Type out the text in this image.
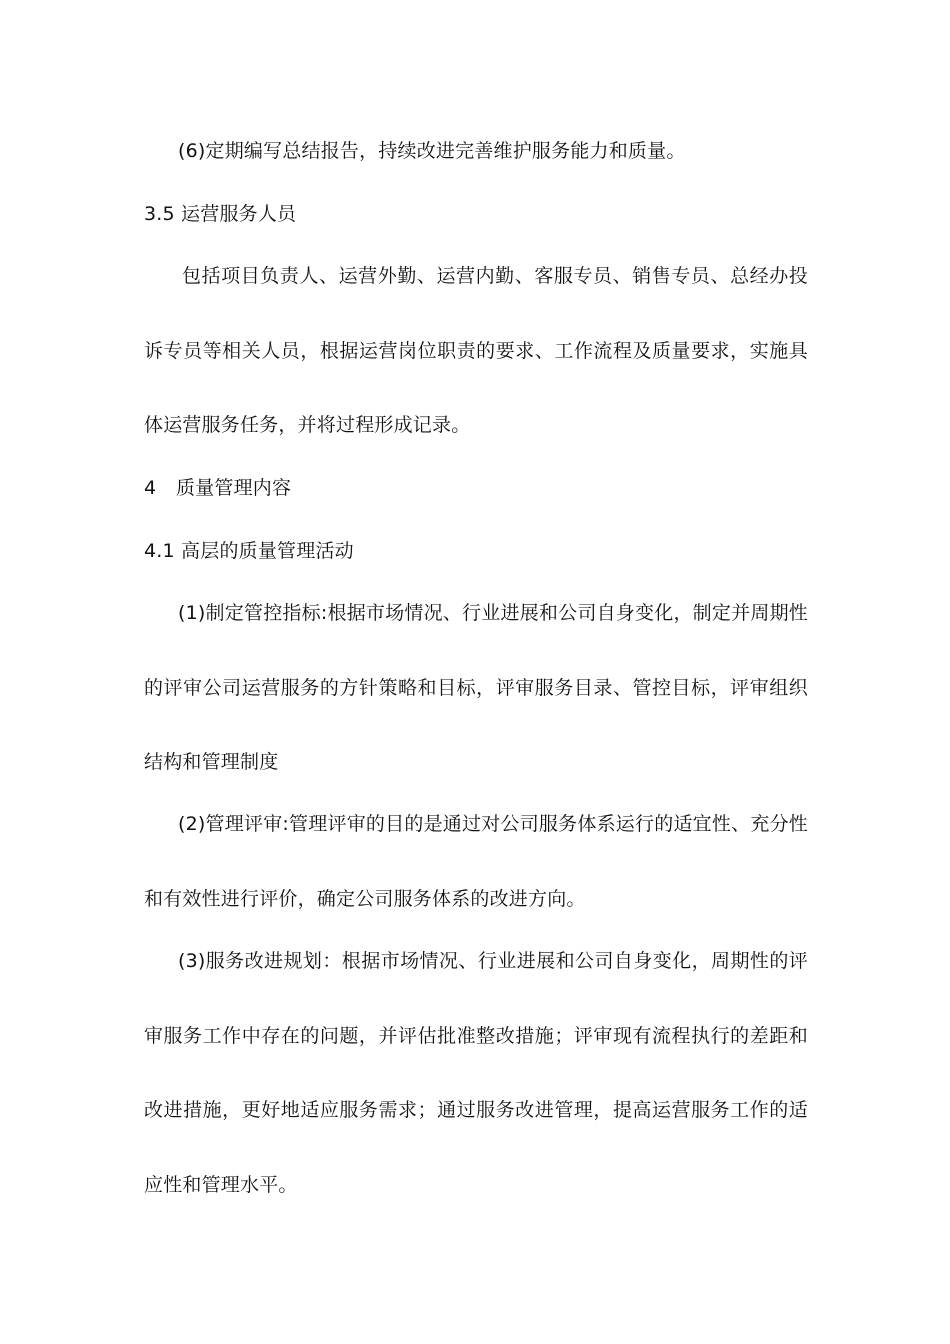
(6)定期编写总结报告，持续改进完善维护服务能力和质量。
3.5 运营服务人员
包括项目负责人、运营外勤、运营内勤、客服专员、销售专员、总经办投
诉专员等相关人员，根据运营岗位职责的要求、工作流程及质量要求，实施具
体运营服务任务，并将过程形成记录。
4 质量管理内容
4.1 高层的质量管理活动
(1)制定管控指标:根据市场情况、行业进展和公司自身变化，制定并周期性
的评审公司运营服务的方针策略和目标，评审服务目录、管控目标，评审组织
结构和管理制度
(2)管理评审:管理评审的目的是通过对公司服务体系运行的适宜性、充分性
和有效性进行评价，确定公司服务体系的改进方向。
(3)服务改进规划：根据市场情况、行业进展和公司自身变化，周期性的评
审服务工作中存在的问题，并评估批准整改措施；评审现有流程执行的差距和
改进措施，更好地适应服务需求；通过服务改进管理，提高运营服务工作的适
应性和管理水平。
